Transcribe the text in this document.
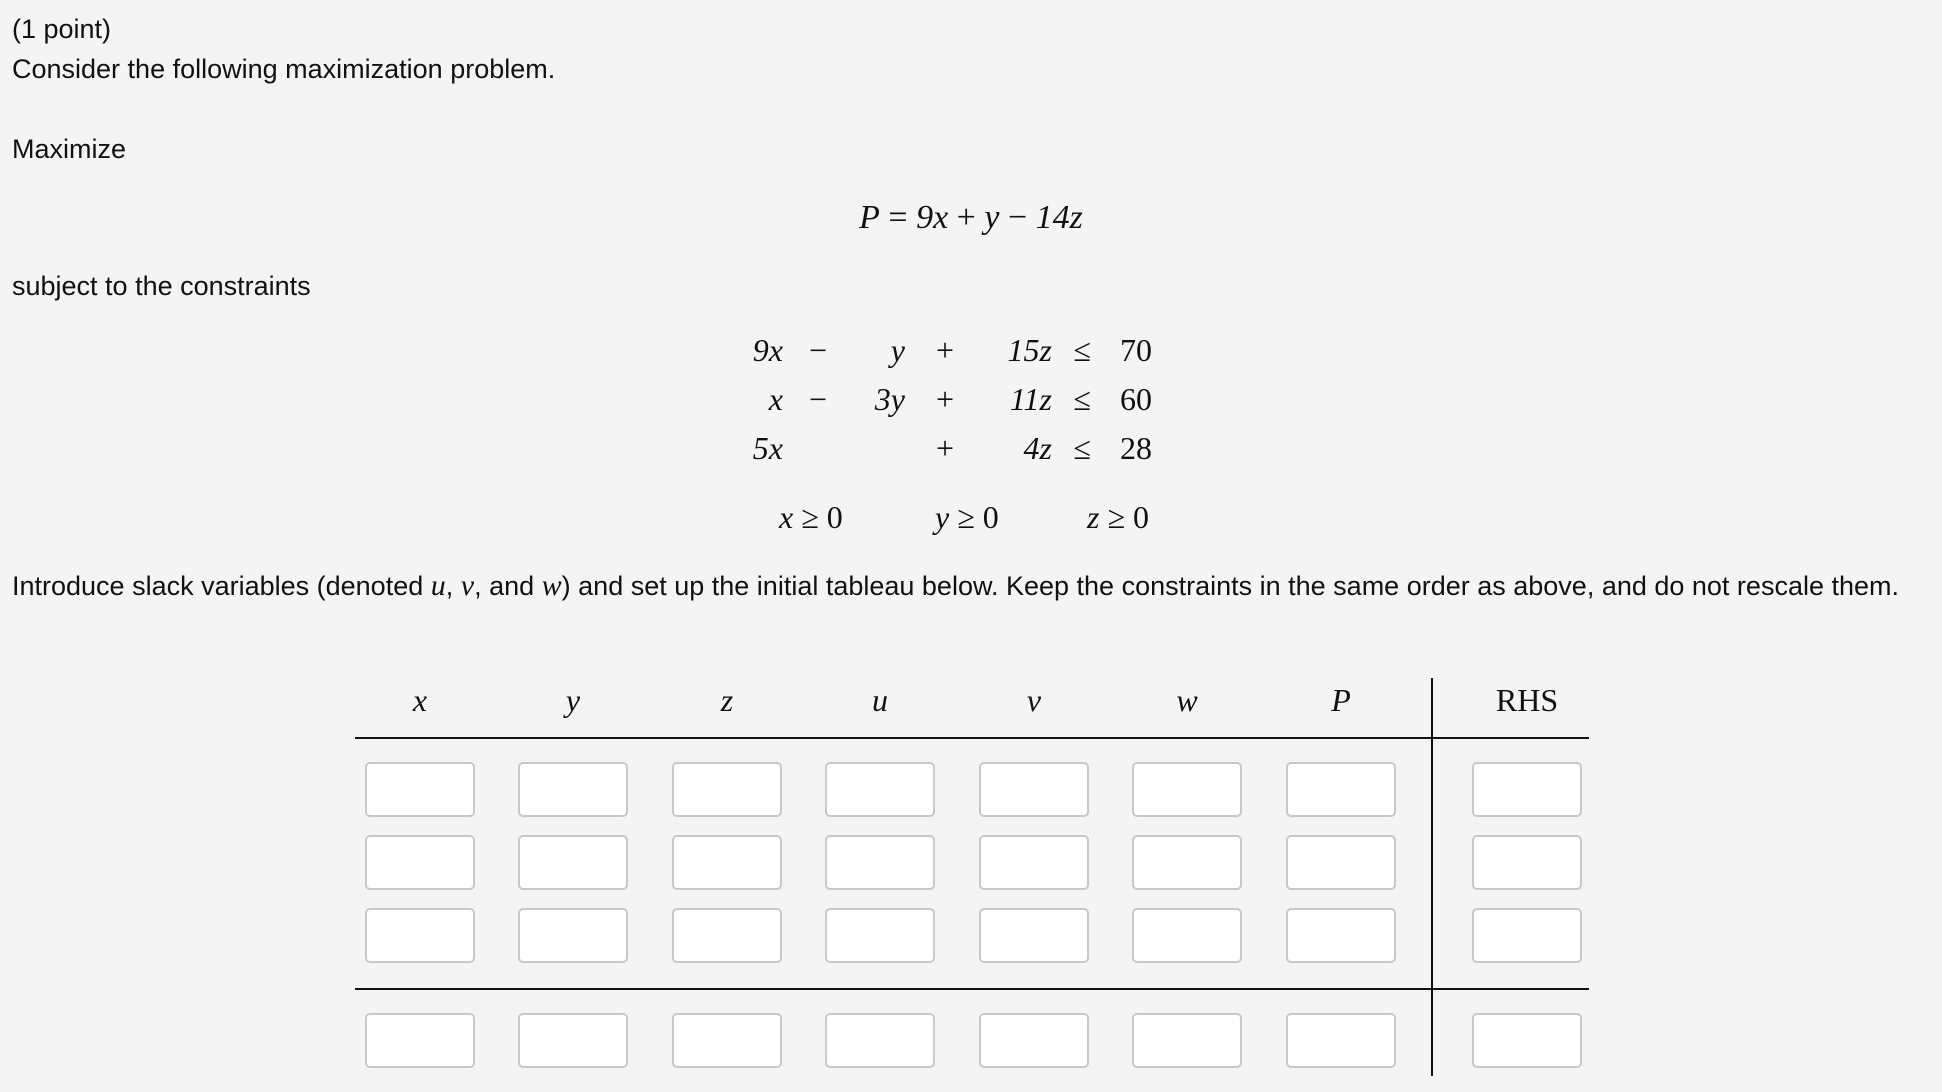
(1 point)
Consider the following maximization problem.
Maximize
P = 9x + y − 14z
subject to the constraints
9x	−	y	+	15z	≤	70
x	−	3y	+	11z	≤	60
5x			+	4z	≤	28
x ≥ 0	y ≥ 0	z ≥ 0
Introduce slack variables (denoted u, v, and w) and set up the initial tableau below. Keep the constraints in the same order as above, and do not rescale them.
x	y	z	u	v	w	P	RHS
